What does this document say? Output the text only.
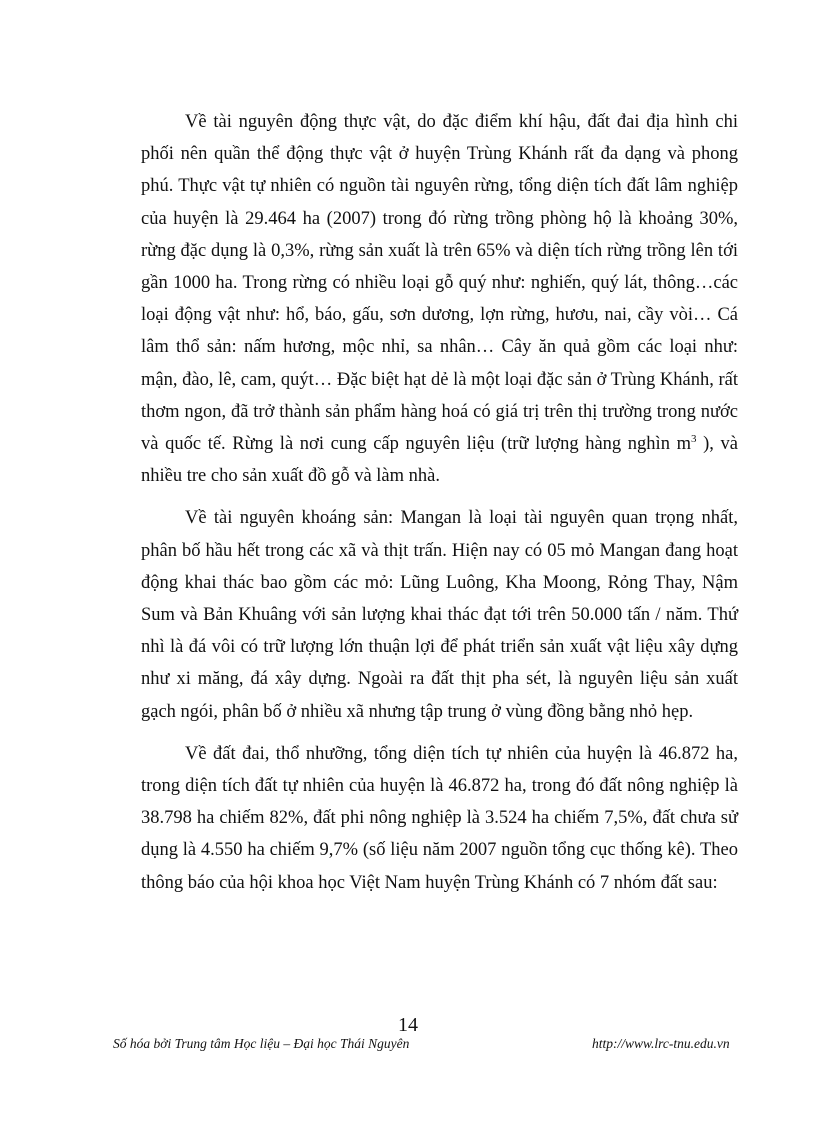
Về tài nguyên động thực vật, do đặc điểm khí hậu, đất đai địa hình chi phối nên quần thể động thực vật ở huyện Trùng Khánh rất đa dạng và phong phú. Thực vật tự nhiên có nguồn tài nguyên rừng, tổng diện tích đất lâm nghiệp của huyện là 29.464 ha (2007) trong đó rừng trồng phòng hộ là khoảng 30%, rừng đặc dụng là 0,3%, rừng sản xuất là trên 65% và diện tích rừng trồng lên tới gần 1000 ha. Trong rừng có nhiều loại gỗ quý như: nghiến, quý lát, thông…các loại động vật như: hổ, báo, gấu, sơn dương, lợn rừng, hươu, nai, cầy vòi… Cá lâm thổ sản: nấm hương, mộc nhỉ, sa nhân… Cây ăn quả gồm các loại như: mận, đào, lê, cam, quýt… Đặc biệt hạt dẻ là một loại đặc sản ở Trùng Khánh, rất thơm ngon, đã trở thành sản phẩm hàng hoá có giá trị trên thị trường trong nước và quốc tế. Rừng là nơi cung cấp nguyên liệu (trữ lượng hàng nghìn $m^3$ ), và nhiều tre cho sản xuất đồ gỗ và làm nhà.

Về tài nguyên khoáng sản: Mangan là loại tài nguyên quan trọng nhất, phân bố hầu hết trong các xã và thịt trấn. Hiện nay có 05 mỏ Mangan đang hoạt động khai thác bao gồm các mỏ: Lũng Luông, Kha Moong, Rỏng Thay, Nậm Sum và Bản Khuâng với sản lượng khai thác đạt tới trên 50.000 tấn / năm. Thứ nhì là đá vôi có trữ lượng lớn thuận lợi để phát triển sản xuất vật liệu xây dựng như xi măng, đá xây dựng. Ngoài ra đất thịt pha sét, là nguyên liệu sản xuất gạch ngói, phân bố ở nhiều xã nhưng tập trung ở vùng đồng bằng nhỏ hẹp.

Về đất đai, thổ nhưỡng, tổng diện tích tự nhiên của huyện là 46.872 ha, trong diện tích đất tự nhiên của huyện là 46.872 ha, trong đó đất nông nghiệp là 38.798 ha chiếm 82%, đất phi nông nghiệp là 3.524 ha chiếm 7,5%, đất chưa sử dụng là 4.550 ha chiếm 9,7% (số liệu năm 2007 nguồn tổng cục thống kê). Theo thông báo của hội khoa học Việt Nam huyện Trùng Khánh có 7 nhóm đất sau:

14
Số hóa bởi Trung tâm Học liệu – Đại học Thái Nguyên	http://www.lrc-tnu.edu.vn
